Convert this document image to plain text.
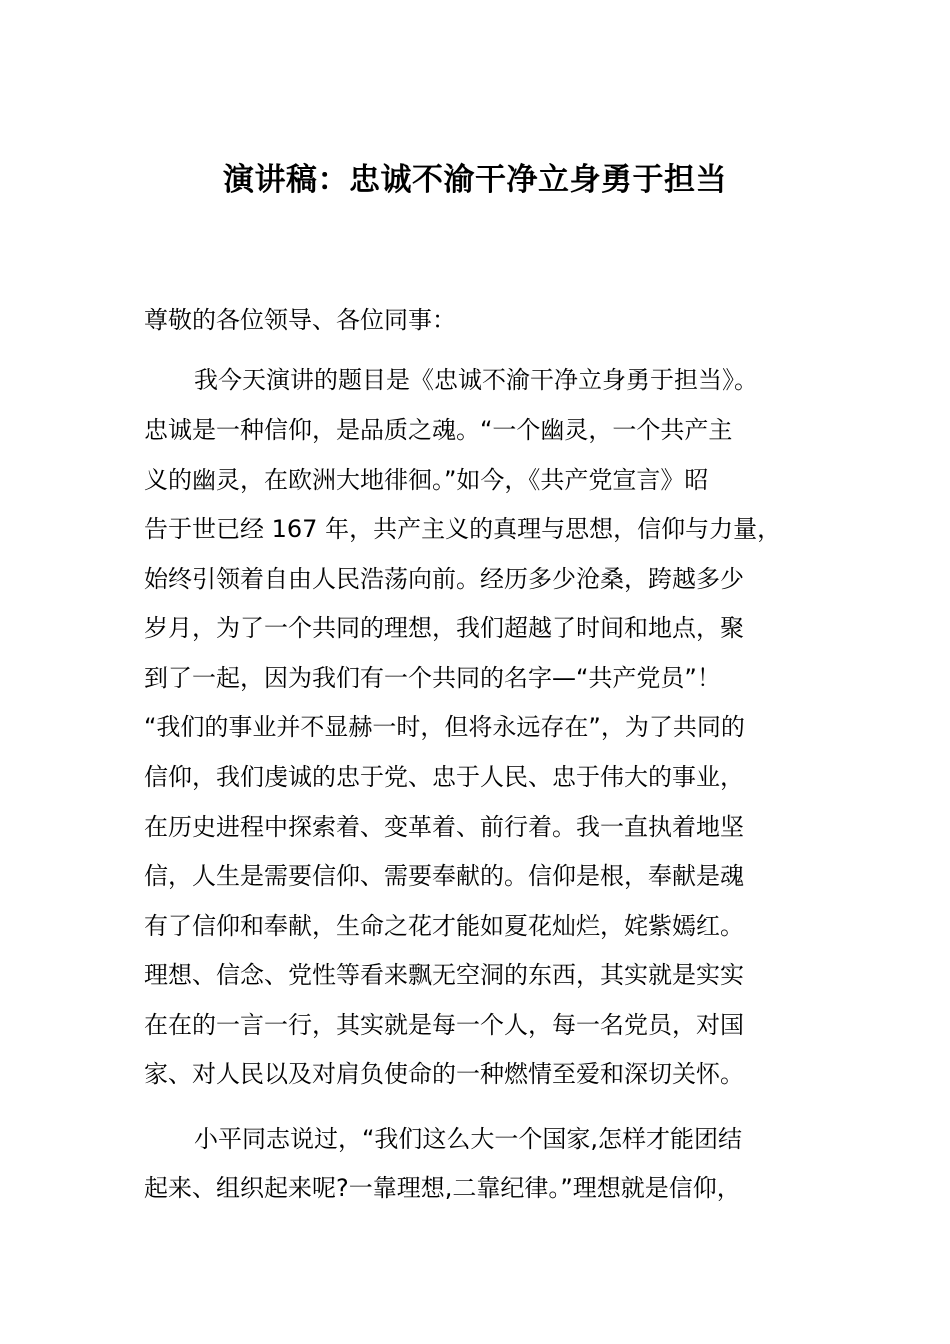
演讲稿：忠诚不渝干净立身勇于担当

尊敬的各位领导、各位同事：

我今天演讲的题目是《忠诚不渝干净立身勇于担当》。

忠诚是一种信仰，是品质之魂。“一个幽灵，一个共产主

义的幽灵，在欧洲大地徘徊。”如今，《共产党宣言》昭

告于世已经 167 年，共产主义的真理与思想，信仰与力量，

始终引领着自由人民浩荡向前。经历多少沧桑，跨越多少

岁月，为了一个共同的理想，我们超越了时间和地点，聚

到了一起，因为我们有一个共同的名字—“共产党员”！

“我们的事业并不显赫一时，但将永远存在”，为了共同的

信仰，我们虔诚的忠于党、忠于人民、忠于伟大的事业，

在历史进程中探索着、变革着、前行着。我一直执着地坚

信，人生是需要信仰、需要奉献的。信仰是根，奉献是魂

有了信仰和奉献，生命之花才能如夏花灿烂，姹紫嫣红。

理想、信念、党性等看来飘无空洞的东西，其实就是实实

在在的一言一行，其实就是每一个人，每一名党员，对国

家、对人民以及对肩负使命的一种燃情至爱和深切关怀。

小平同志说过，“我们这么大一个国家,怎样才能团结

起来、组织起来呢?一靠理想,二靠纪律。”理想就是信仰，
